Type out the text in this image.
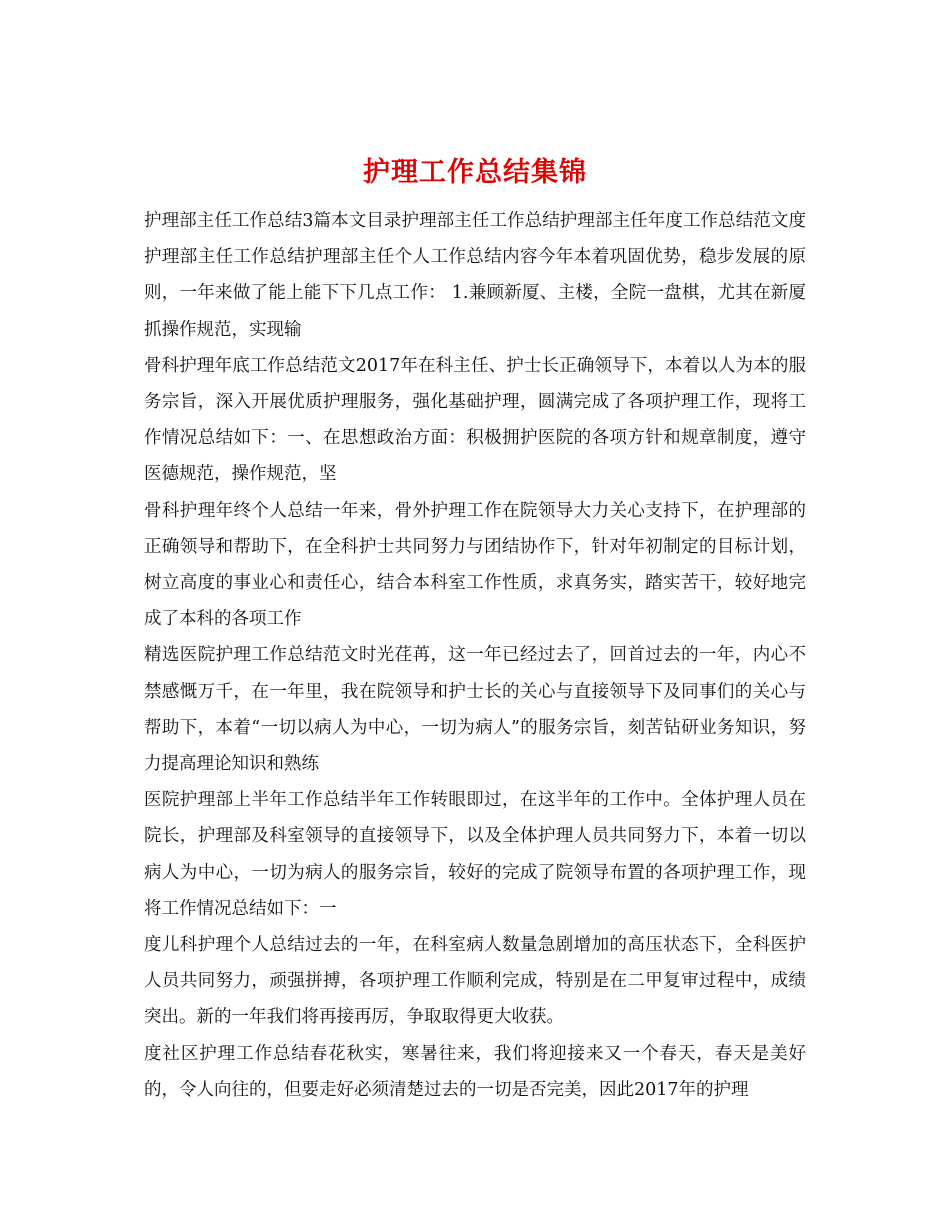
护理工作总结集锦

护理部主任工作总结3篇本文目录护理部主任工作总结护理部主任年度工作总结范文度护理部主任工作总结护理部主任个人工作总结内容今年本着巩固优势，稳步发展的原则，一年来做了能上能下下几点工作： 1.兼顾新厦、主楼，全院一盘棋，尤其在新厦抓操作规范，实现输

骨科护理年底工作总结范文2017年在科主任、护士长正确领导下，本着以人为本的服务宗旨，深入开展优质护理服务，强化基础护理，圆满完成了各项护理工作，现将工作情况总结如下：一、在思想政治方面：积极拥护医院的各项方针和规章制度，遵守医德规范，操作规范，坚

骨科护理年终个人总结一年来，骨外护理工作在院领导大力关心支持下，在护理部的正确领导和帮助下，在全科护士共同努力与团结协作下，针对年初制定的目标计划，树立高度的事业心和责任心，结合本科室工作性质，求真务实，踏实苦干，较好地完成了本科的各项工作

精选医院护理工作总结范文时光荏苒，这一年已经过去了，回首过去的一年，内心不禁感慨万千，在一年里，我在院领导和护士长的关心与直接领导下及同事们的关心与帮助下，本着“一切以病人为中心，一切为病人”的服务宗旨，刻苦钻研业务知识，努力提高理论知识和熟练

医院护理部上半年工作总结半年工作转眼即过，在这半年的工作中。全体护理人员在院长，护理部及科室领导的直接领导下，以及全体护理人员共同努力下，本着一切以病人为中心，一切为病人的服务宗旨，较好的完成了院领导布置的各项护理工作，现将工作情况总结如下：一

度儿科护理个人总结过去的一年，在科室病人数量急剧增加的高压状态下，全科医护人员共同努力，顽强拼搏，各项护理工作顺利完成，特别是在二甲复审过程中，成绩突出。新的一年我们将再接再厉，争取取得更大收获。

度社区护理工作总结春花秋实，寒暑往来，我们将迎接来又一个春天，春天是美好的，令人向往的，但要走好必须清楚过去的一切是否完美，因此2017年的护理
